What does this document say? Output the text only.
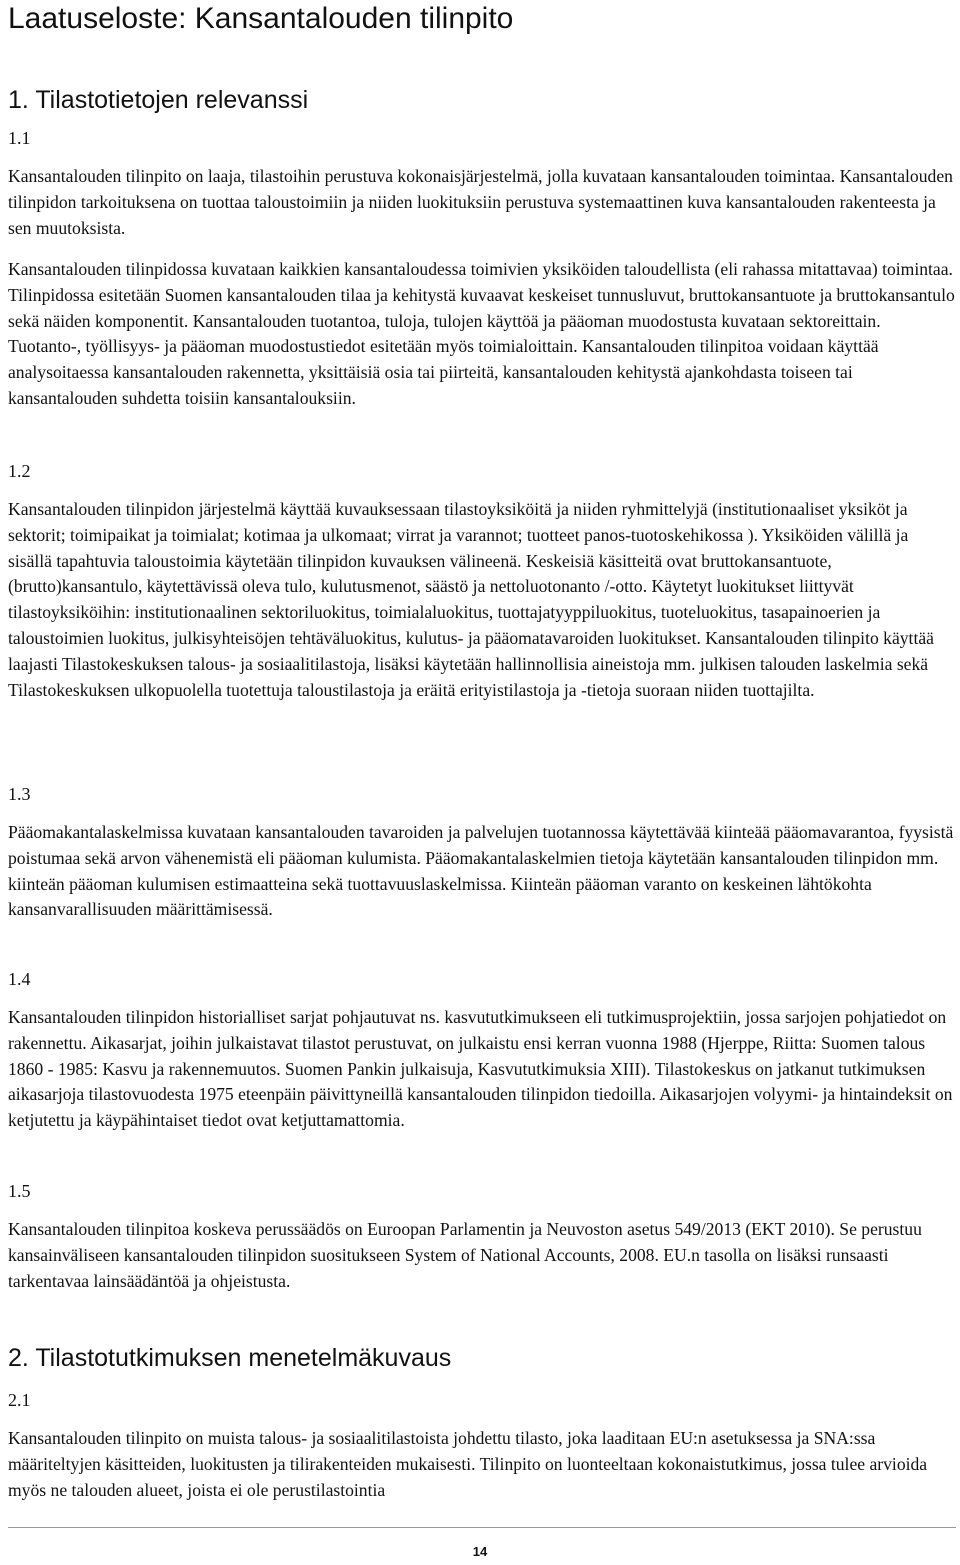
Laatuseloste: Kansantalouden tilinpito
1. Tilastotietojen relevanssi
1.1

Kansantalouden tilinpito on laaja, tilastoihin perustuva kokonaisjärjestelmä, jolla kuvataan kansantalouden toimintaa. Kansantalouden tilinpidon tarkoituksena on tuottaa taloustoimiin ja niiden luokituksiin perustuva systemaattinen kuva kansantalouden rakenteesta ja sen muutoksista.

Kansantalouden tilinpidossa kuvataan kaikkien kansantaloudessa toimivien yksiköiden taloudellista (eli rahassa mitattavaa) toimintaa. Tilinpidossa esitetään Suomen kansantalouden tilaa ja kehitystä kuvaavat keskeiset tunnusluvut, bruttokansantuote ja bruttokansantulo sekä näiden komponentit. Kansantalouden tuotantoa, tuloja, tulojen käyttöä ja pääoman muodostusta kuvataan sektoreittain. Tuotanto-, työllisyys- ja pääoman muodostustiedot esitetään myös toimialoittain. Kansantalouden tilinpitoa voidaan käyttää analysoitaessa kansantalouden rakennetta, yksittäisiä osia tai piirteitä, kansantalouden kehitystä ajankohdasta toiseen tai kansantalouden suhdetta toisiin kansantalouksiin.

1.2

Kansantalouden tilinpidon järjestelmä käyttää kuvauksessaan tilastoyksiköitä ja niiden ryhmittelyjä (institutionaaliset yksiköt ja sektorit; toimipaikat ja toimialat; kotimaa ja ulkomaat; virrat ja varannot; tuotteet panos-tuotoskehikossa ). Yksiköiden välillä ja sisällä tapahtuvia taloustoimia käytetään tilinpidon kuvauksen välineenä. Keskeisiä käsitteitä ovat bruttokansantuote, (brutto)kansantulo, käytettävissä oleva tulo, kulutusmenot, säästö ja nettoluotonanto /-otto. Käytetyt luokitukset liittyvät tilastoyksiköihin: institutionaalinen sektoriluokitus, toimialaluokitus, tuottajatyyppiluokitus, tuoteluokitus, tasapainoerien ja taloustoimien luokitus, julkisyhteisöjen tehtäväluokitus, kulutus- ja pääomatavaroiden luokitukset. Kansantalouden tilinpito käyttää laajasti Tilastokeskuksen talous- ja sosiaalitilastoja, lisäksi käytetään hallinnollisia aineistoja mm. julkisen talouden laskelmia sekä Tilastokeskuksen ulkopuolella tuotettuja taloustilastoja ja eräitä erityistilastoja ja -tietoja suoraan niiden tuottajilta.

1.3

Pääomakantalaskelmissa kuvataan kansantalouden tavaroiden ja palvelujen tuotannossa käytettävää kiinteää pääomavarantoa, fyysistä poistumaa sekä arvon vähenemistä eli pääoman kulumista. Pääomakantalaskelmien tietoja käytetään kansantalouden tilinpidon mm. kiinteän pääoman kulumisen estimaatteina sekä tuottavuuslaskelmissa. Kiinteän pääoman varanto on keskeinen lähtökohta kansanvarallisuuden määrittämisessä.

1.4

Kansantalouden tilinpidon historialliset sarjat pohjautuvat ns. kasvututkimukseen eli tutkimusprojektiin, jossa sarjojen pohjatiedot on rakennettu. Aikasarjat, joihin julkaistavat tilastot perustuvat, on julkaistu ensi kerran vuonna 1988 (Hjerppe, Riitta: Suomen talous 1860 - 1985: Kasvu ja rakennemuutos. Suomen Pankin julkaisuja, Kasvututkimuksia XIII). Tilastokeskus on jatkanut tutkimuksen aikasarjoja tilastovuodesta 1975 eteenpäin päivittyneillä kansantalouden tilinpidon tiedoilla. Aikasarjojen volyymi- ja hintaindeksit on ketjutettu ja käypähintaiset tiedot ovat ketjuttamattomia.

1.5

Kansantalouden tilinpitoa koskeva perussäädös on Euroopan Parlamentin ja Neuvoston asetus 549/2013 (EKT 2010). Se perustuu kansainväliseen kansantalouden tilinpidon suositukseen System of National Accounts, 2008. EU.n tasolla on lisäksi runsaasti tarkentavaa lainsäädäntöä ja ohjeistusta.

2. Tilastotutkimuksen menetelmäkuvaus
2.1

Kansantalouden tilinpito on muista talous- ja sosiaalitilastoista johdettu tilasto, joka laaditaan EU:n asetuksessa ja SNA:ssa määriteltyjen käsitteiden, luokitusten ja tilirakenteiden mukaisesti. Tilinpito on luonteeltaan kokonaistutkimus, jossa tulee arvioida myös ne talouden alueet, joista ei ole perustilastointia

14
